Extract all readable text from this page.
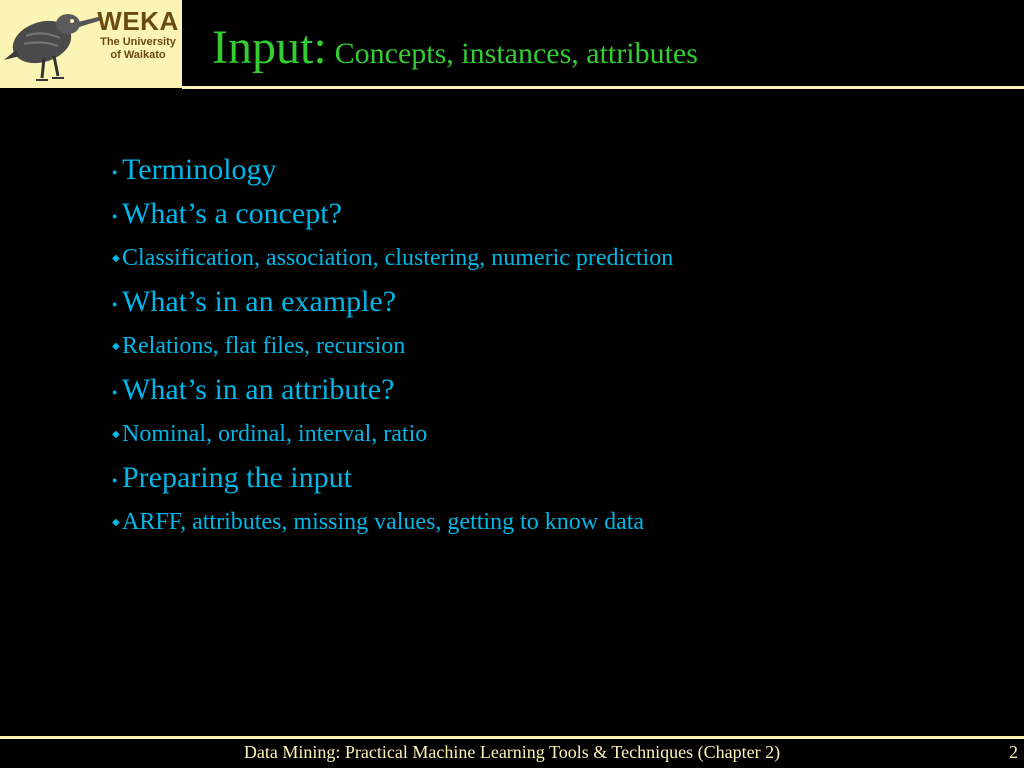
WEKA
The University
of Waikato Input: Concepts, instances, attributes
● Terminology
● What’s a concept?
◆Classification, association, clustering, numeric prediction
● What’s in an example?
◆Relations, flat files, recursion
● What’s in an attribute?
◆Nominal, ordinal, interval, ratio
● Preparing the input
◆ARFF, attributes, missing values, getting to know data
Data Mining: Practical Machine Learning Tools & Techniques (Chapter 2)	2
